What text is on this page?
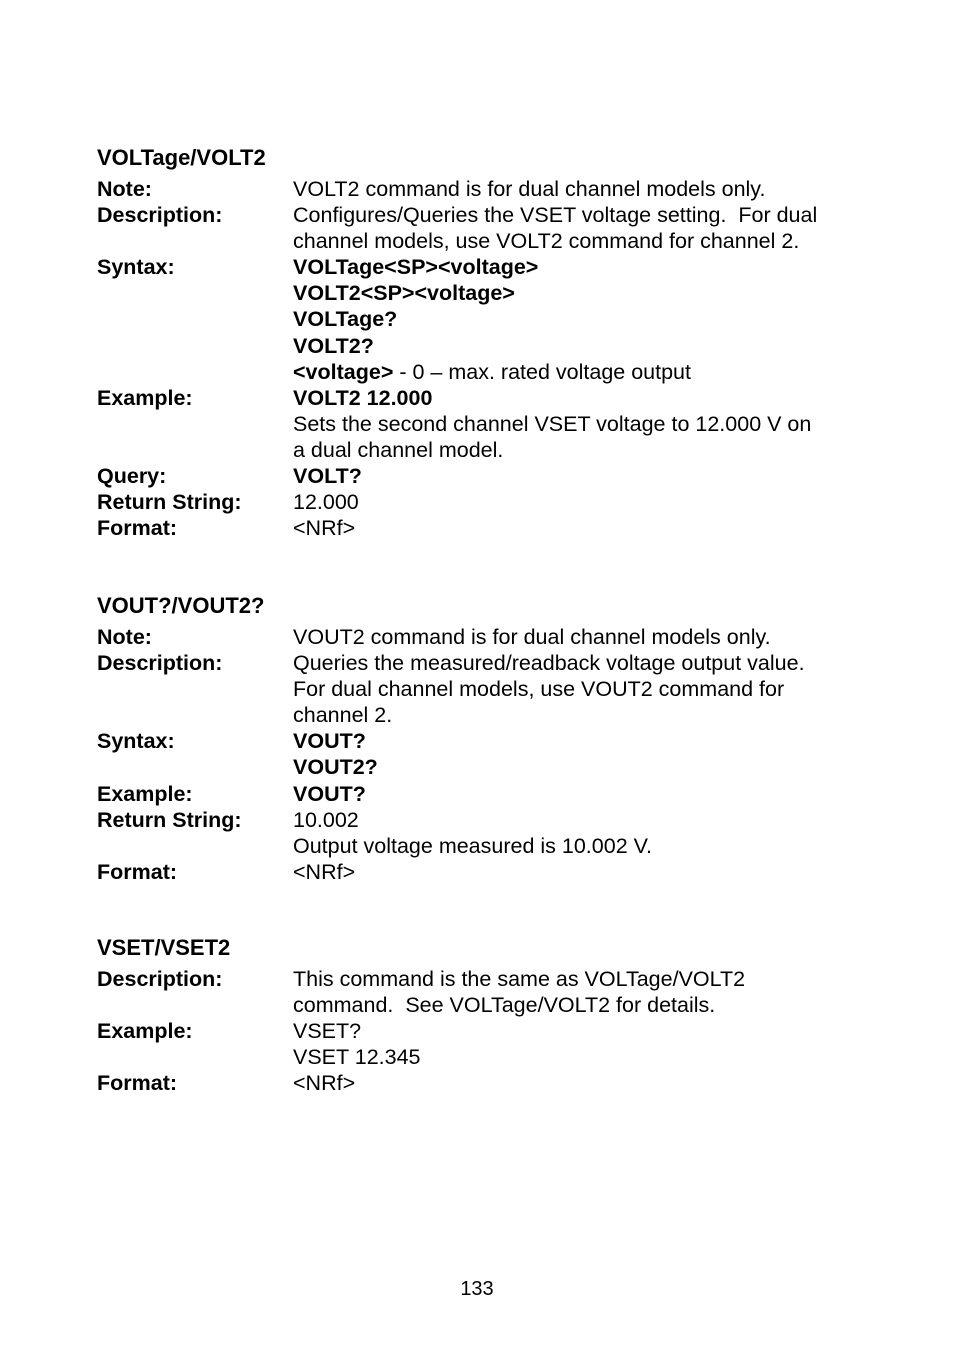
VOLTage/VOLT2
Note:	VOLT2 command is for dual channel models only.
Description:	Configures/Queries the VSET voltage setting.  For dual
channel models, use VOLT2 command for channel 2.
Syntax:	VOLTage<SP><voltage>
VOLT2<SP><voltage>
VOLTage?
VOLT2?
<voltage> - 0 – max. rated voltage output
Example:	VOLT2 12.000
Sets the second channel VSET voltage to 12.000 V on
a dual channel model.
Query:	VOLT?
Return String:	12.000
Format:	<NRf>
VOUT?/VOUT2?
Note:	VOUT2 command is for dual channel models only.
Description:	Queries the measured/readback voltage output value.
For dual channel models, use VOUT2 command for
channel 2.
Syntax:	VOUT?
VOUT2?
Example:	VOUT?
Return String:	10.002
Output voltage measured is 10.002 V.
Format:	<NRf>
VSET/VSET2
Description:	This command is the same as VOLTage/VOLT2
command.  See VOLTage/VOLT2 for details.
Example:	VSET?
VSET 12.345
Format:	<NRf>
133
